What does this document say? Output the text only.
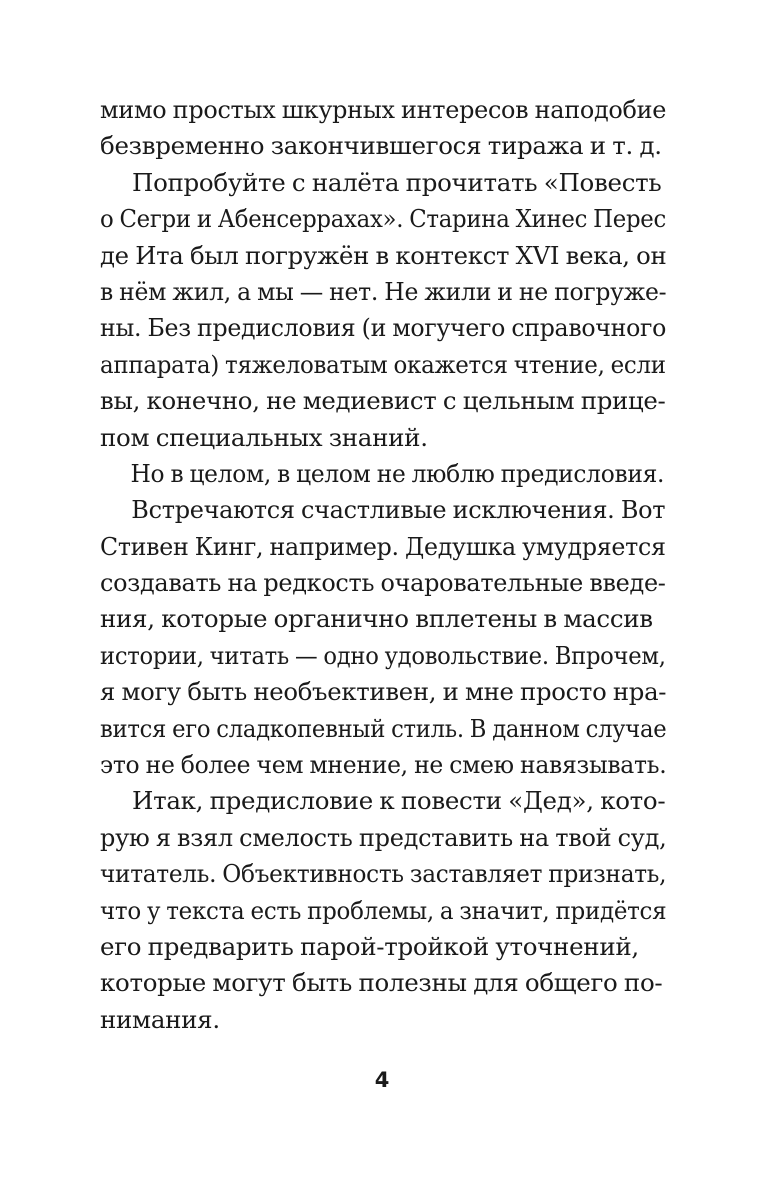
мимо простых шкурных интересов наподобие
безвременно закончившегося тиража и т. д.
Попробуйте с налёта прочитать «Повесть
о Сегри и Абенсеррахах». Старина Хинес Перес
де Ита был погружён в контекст XVI века, он
в нём жил, а мы — нет. Не жили и не погруже-
ны. Без предисловия (и могучего справочного
аппарата) тяжеловатым окажется чтение, если
вы, конечно, не медиевист с цельным прице-
пом специальных знаний.
Но в целом, в целом не люблю предисловия.
Встречаются счастливые исключения. Вот
Стивен Кинг, например. Дедушка умудряется
создавать на редкость очаровательные введе-
ния, которые органично вплетены в массив
истории, читать — одно удовольствие. Впрочем,
я могу быть необъективен, и мне просто нра-
вится его сладкопевный стиль. В данном случае
это не более чем мнение, не смею навязывать.
Итак, предисловие к повести «Дед», кото-
рую я взял смелость представить на твой суд,
читатель. Объективность заставляет признать,
что у текста есть проблемы, а значит, придётся
его предварить парой-тройкой уточнений,
которые могут быть полезны для общего по-
нимания.
4
